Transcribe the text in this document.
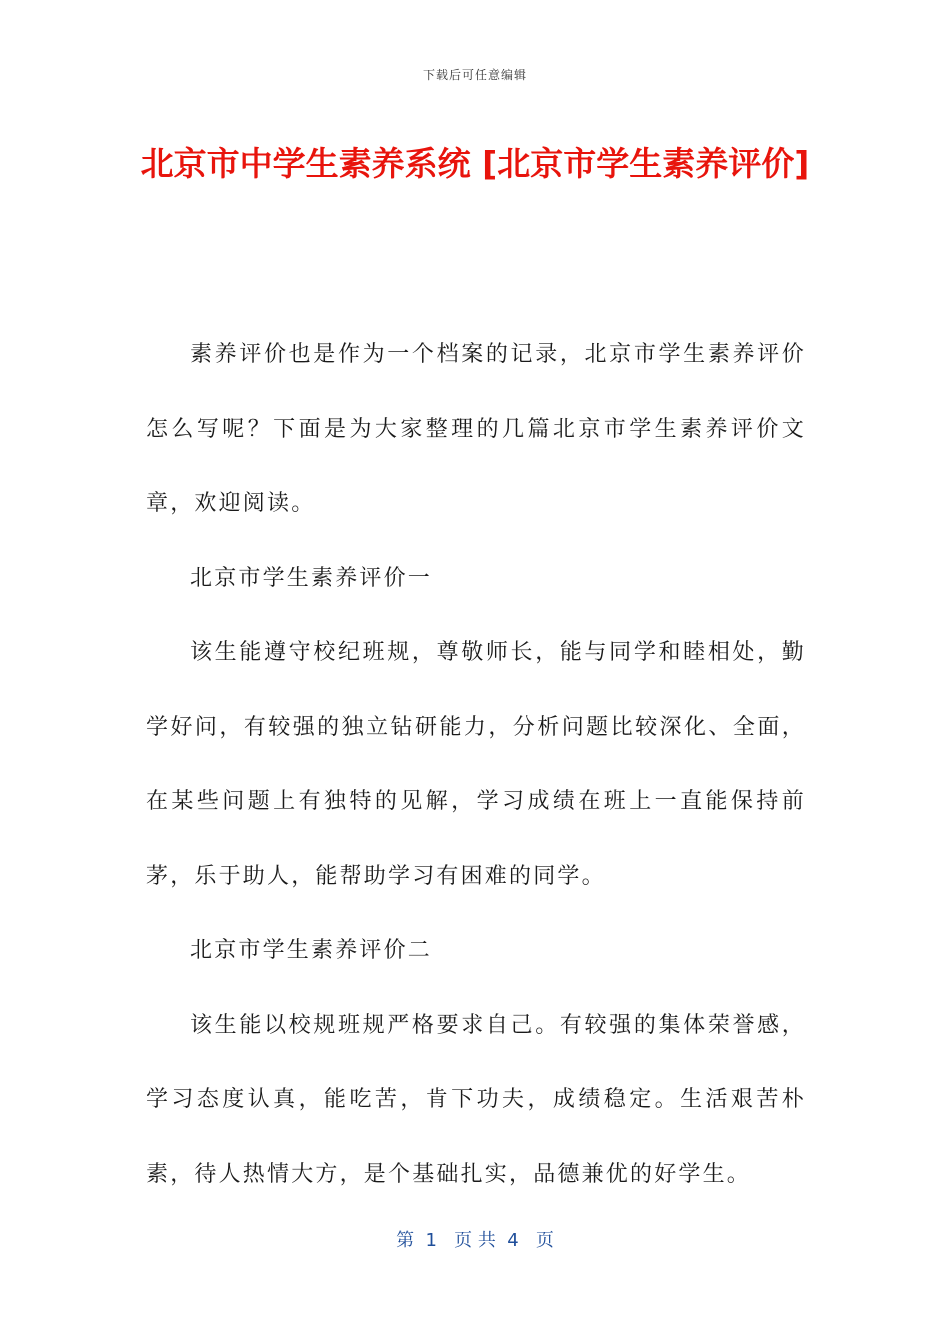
下载后可任意编辑
北京市中学生素养系统 [北京市学生素养评价]

素养评价也是作为一个档案的记录，北京市学生素养评价怎么写呢？下面是为大家整理的几篇北京市学生素养评价文章，欢迎阅读。

北京市学生素养评价一

该生能遵守校纪班规，尊敬师长，能与同学和睦相处，勤学好问，有较强的独立钻研能力，分析问题比较深化、全面，在某些问题上有独特的见解，学习成绩在班上一直能保持前茅，乐于助人，能帮助学习有困难的同学。

北京市学生素养评价二

该生能以校规班规严格要求自己。有较强的集体荣誉感，学习态度认真，能吃苦，肯下功夫，成绩稳定。生活艰苦朴素，待人热情大方，是个基础扎实，品德兼优的好学生。

第  1   页 共  4   页
